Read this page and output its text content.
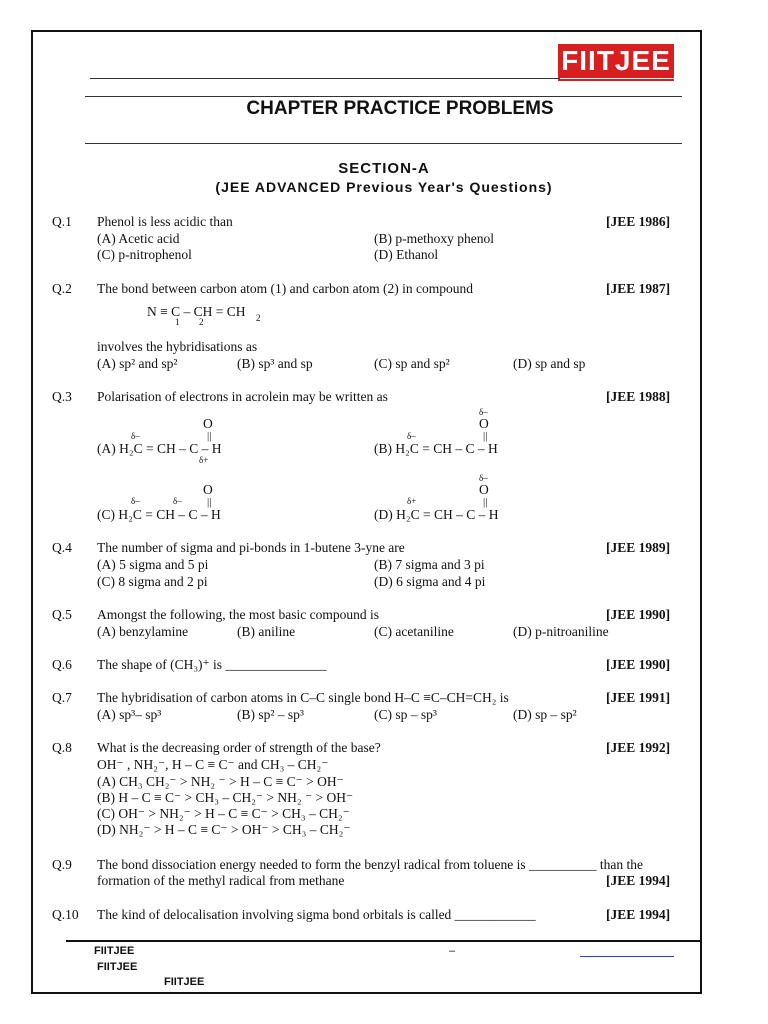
FIITJEE
CHAPTER PRACTICE PROBLEMS
SECTION-A
(JEE ADVANCED Previous Year's Questions)
Q.1 Phenol is less acidic than	[JEE 1986]
(A) Acetic acid	(B) p-methoxy phenol
(C) p-nitrophenol	(D) Ethanol
Q.2 The bond between carbon atom (1) and carbon atom (2) in compound	[JEE 1987]
N ≡ C – CH = CH 2
1 2
involves the hybridisations as
(A) sp² and sp²	(B) sp³ and sp	(C) sp and sp²	(D) sp and sp
Q.3 Polarisation of electrons in acrolein may be written as	[JEE 1988]
O
||
δ–
(A) H₂C = CH – C – H
δ+
δ–
O
||
δ–
(B) H₂C = CH – C – H
O
||
δ–	δ–
(C) H₂C = CH – C – H
δ–
O
||
δ+
(D) H₂C = CH – C – H
Q.4 The number of sigma and pi-bonds in 1-butene 3-yne are	[JEE 1989]
(A) 5 sigma and 5 pi	(B) 7 sigma and 3 pi
(C) 8 sigma and 2 pi	(D) 6 sigma and 4 pi
Q.5 Amongst the following, the most basic compound is	[JEE 1990]
(A) benzylamine	(B) aniline	(C) acetaniline	(D) p-nitroaniline
Q.6 The shape of (CH₃)⁺ is _______________	[JEE 1990]
Q.7 The hybridisation of carbon atoms in C–C single bond H–C ≡C–CH=CH₂ is	[JEE 1991]
(A) sp³– sp³	(B) sp² – sp³	(C) sp – sp³	(D) sp – sp²
Q.8 What is the decreasing order of strength of the base?	[JEE 1992]
OH⁻ , NH₂⁻, H – C ≡ C⁻ and CH₃ – CH₂⁻
(A) CH₃ CH₂⁻ > NH₂ ⁻ > H – C ≡ C⁻ > OH⁻
(B) H – C ≡ C⁻ > CH₃ – CH₂⁻ > NH₂ ⁻ > OH⁻
(C) OH⁻ > NH₂⁻ > H – C ≡ C⁻ > CH₃ – CH₂⁻
(D) NH₂⁻ > H – C ≡ C⁻ > OH⁻ > CH₃ – CH₂⁻
Q.9 The bond dissociation energy needed to form the benzyl radical from toluene is __________ than the
formation of the methyl radical from methane	[JEE 1994]
Q.10 The kind of delocalisation involving sigma bond orbitals is called ____________	[JEE 1994]
FIITJEE
FIITJEE
FIITJEE
–
